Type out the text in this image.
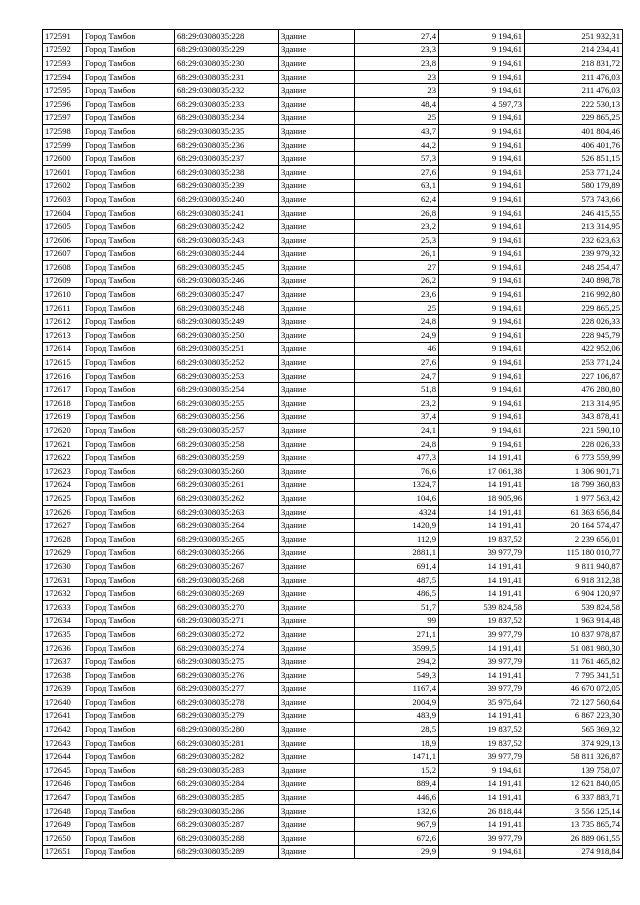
172591	Город Тамбов	68:29:0308035:228	Здание	27,4	9 194,61	251 932,31
172592	Город Тамбов	68:29:0308035:229	Здание	23,3	9 194,61	214 234,41
172593	Город Тамбов	68:29:0308035:230	Здание	23,8	9 194,61	218 831,72
172594	Город Тамбов	68:29:0308035:231	Здание	23	9 194,61	211 476,03
172595	Город Тамбов	68:29:0308035:232	Здание	23	9 194,61	211 476,03
172596	Город Тамбов	68:29:0308035:233	Здание	48,4	4 597,73	222 530,13
172597	Город Тамбов	68:29:0308035:234	Здание	25	9 194,61	229 865,25
172598	Город Тамбов	68:29:0308035:235	Здание	43,7	9 194,61	401 804,46
172599	Город Тамбов	68:29:0308035:236	Здание	44,2	9 194,61	406 401,76
172600	Город Тамбов	68:29:0308035:237	Здание	57,3	9 194,61	526 851,15
172601	Город Тамбов	68:29:0308035:238	Здание	27,6	9 194,61	253 771,24
172602	Город Тамбов	68:29:0308035:239	Здание	63,1	9 194,61	580 179,89
172603	Город Тамбов	68:29:0308035:240	Здание	62,4	9 194,61	573 743,66
172604	Город Тамбов	68:29:0308035:241	Здание	26,8	9 194,61	246 415,55
172605	Город Тамбов	68:29:0308035:242	Здание	23,2	9 194,61	213 314,95
172606	Город Тамбов	68:29:0308035:243	Здание	25,3	9 194,61	232 623,63
172607	Город Тамбов	68:29:0308035:244	Здание	26,1	9 194,61	239 979,32
172608	Город Тамбов	68:29:0308035:245	Здание	27	9 194,61	248 254,47
172609	Город Тамбов	68:29:0308035:246	Здание	26,2	9 194,61	240 898,78
172610	Город Тамбов	68:29:0308035:247	Здание	23,6	9 194,61	216 992,80
172611	Город Тамбов	68:29:0308035:248	Здание	25	9 194,61	229 865,25
172612	Город Тамбов	68:29:0308035:249	Здание	24,8	9 194,61	228 026,33
172613	Город Тамбов	68:29:0308035:250	Здание	24,9	9 194,61	228 945,79
172614	Город Тамбов	68:29:0308035:251	Здание	46	9 194,61	422 952,06
172615	Город Тамбов	68:29:0308035:252	Здание	27,6	9 194,61	253 771,24
172616	Город Тамбов	68:29:0308035:253	Здание	24,7	9 194,61	227 106,87
172617	Город Тамбов	68:29:0308035:254	Здание	51,8	9 194,61	476 280,80
172618	Город Тамбов	68:29:0308035:255	Здание	23,2	9 194,61	213 314,95
172619	Город Тамбов	68:29:0308035:256	Здание	37,4	9 194,61	343 878,41
172620	Город Тамбов	68:29:0308035:257	Здание	24,1	9 194,61	221 590,10
172621	Город Тамбов	68:29:0308035:258	Здание	24,8	9 194,61	228 026,33
172622	Город Тамбов	68:29:0308035:259	Здание	477,3	14 191,41	6 773 559,99
172623	Город Тамбов	68:29:0308035:260	Здание	76,6	17 061,38	1 306 901,71
172624	Город Тамбов	68:29:0308035:261	Здание	1324,7	14 191,41	18 799 360,83
172625	Город Тамбов	68:29:0308035:262	Здание	104,6	18 905,96	1 977 563,42
172626	Город Тамбов	68:29:0308035:263	Здание	4324	14 191,41	61 363 656,84
172627	Город Тамбов	68:29:0308035:264	Здание	1420,9	14 191,41	20 164 574,47
172628	Город Тамбов	68:29:0308035:265	Здание	112,9	19 837,52	2 239 656,01
172629	Город Тамбов	68:29:0308035:266	Здание	2881,1	39 977,79	115 180 010,77
172630	Город Тамбов	68:29:0308035:267	Здание	691,4	14 191,41	9 811 940,87
172631	Город Тамбов	68:29:0308035:268	Здание	487,5	14 191,41	6 918 312,38
172632	Город Тамбов	68:29:0308035:269	Здание	486,5	14 191,41	6 904 120,97
172633	Город Тамбов	68:29:0308035:270	Здание	51,7	539 824,58	539 824,58
172634	Город Тамбов	68:29:0308035:271	Здание	99	19 837,52	1 963 914,48
172635	Город Тамбов	68:29:0308035:272	Здание	271,1	39 977,79	10 837 978,87
172636	Город Тамбов	68:29:0308035:274	Здание	3599,5	14 191,41	51 081 980,30
172637	Город Тамбов	68:29:0308035:275	Здание	294,2	39 977,79	11 761 465,82
172638	Город Тамбов	68:29:0308035:276	Здание	549,3	14 191,41	7 795 341,51
172639	Город Тамбов	68:29:0308035:277	Здание	1167,4	39 977,79	46 670 072,05
172640	Город Тамбов	68:29:0308035:278	Здание	2004,9	35 975,64	72 127 560,64
172641	Город Тамбов	68:29:0308035:279	Здание	483,9	14 191,41	6 867 223,30
172642	Город Тамбов	68:29:0308035:280	Здание	28,5	19 837,52	565 369,32
172643	Город Тамбов	68:29:0308035:281	Здание	18,9	19 837,52	374 929,13
172644	Город Тамбов	68:29:0308035:282	Здание	1471,1	39 977,79	58 811 326,87
172645	Город Тамбов	68:29:0308035:283	Здание	15,2	9 194,61	139 758,07
172646	Город Тамбов	68:29:0308035:284	Здание	889,4	14 191,41	12 621 840,05
172647	Город Тамбов	68:29:0308035:285	Здание	446,6	14 191,41	6 337 883,71
172648	Город Тамбов	68:29:0308035:286	Здание	132,6	26 818,44	3 556 125,14
172649	Город Тамбов	68:29:0308035:287	Здание	967,9	14 191,41	13 735 865,74
172650	Город Тамбов	68:29:0308035:288	Здание	672,6	39 977,79	26 889 061,55
172651	Город Тамбов	68:29:0308035:289	Здание	29,9	9 194,61	274 918,84
